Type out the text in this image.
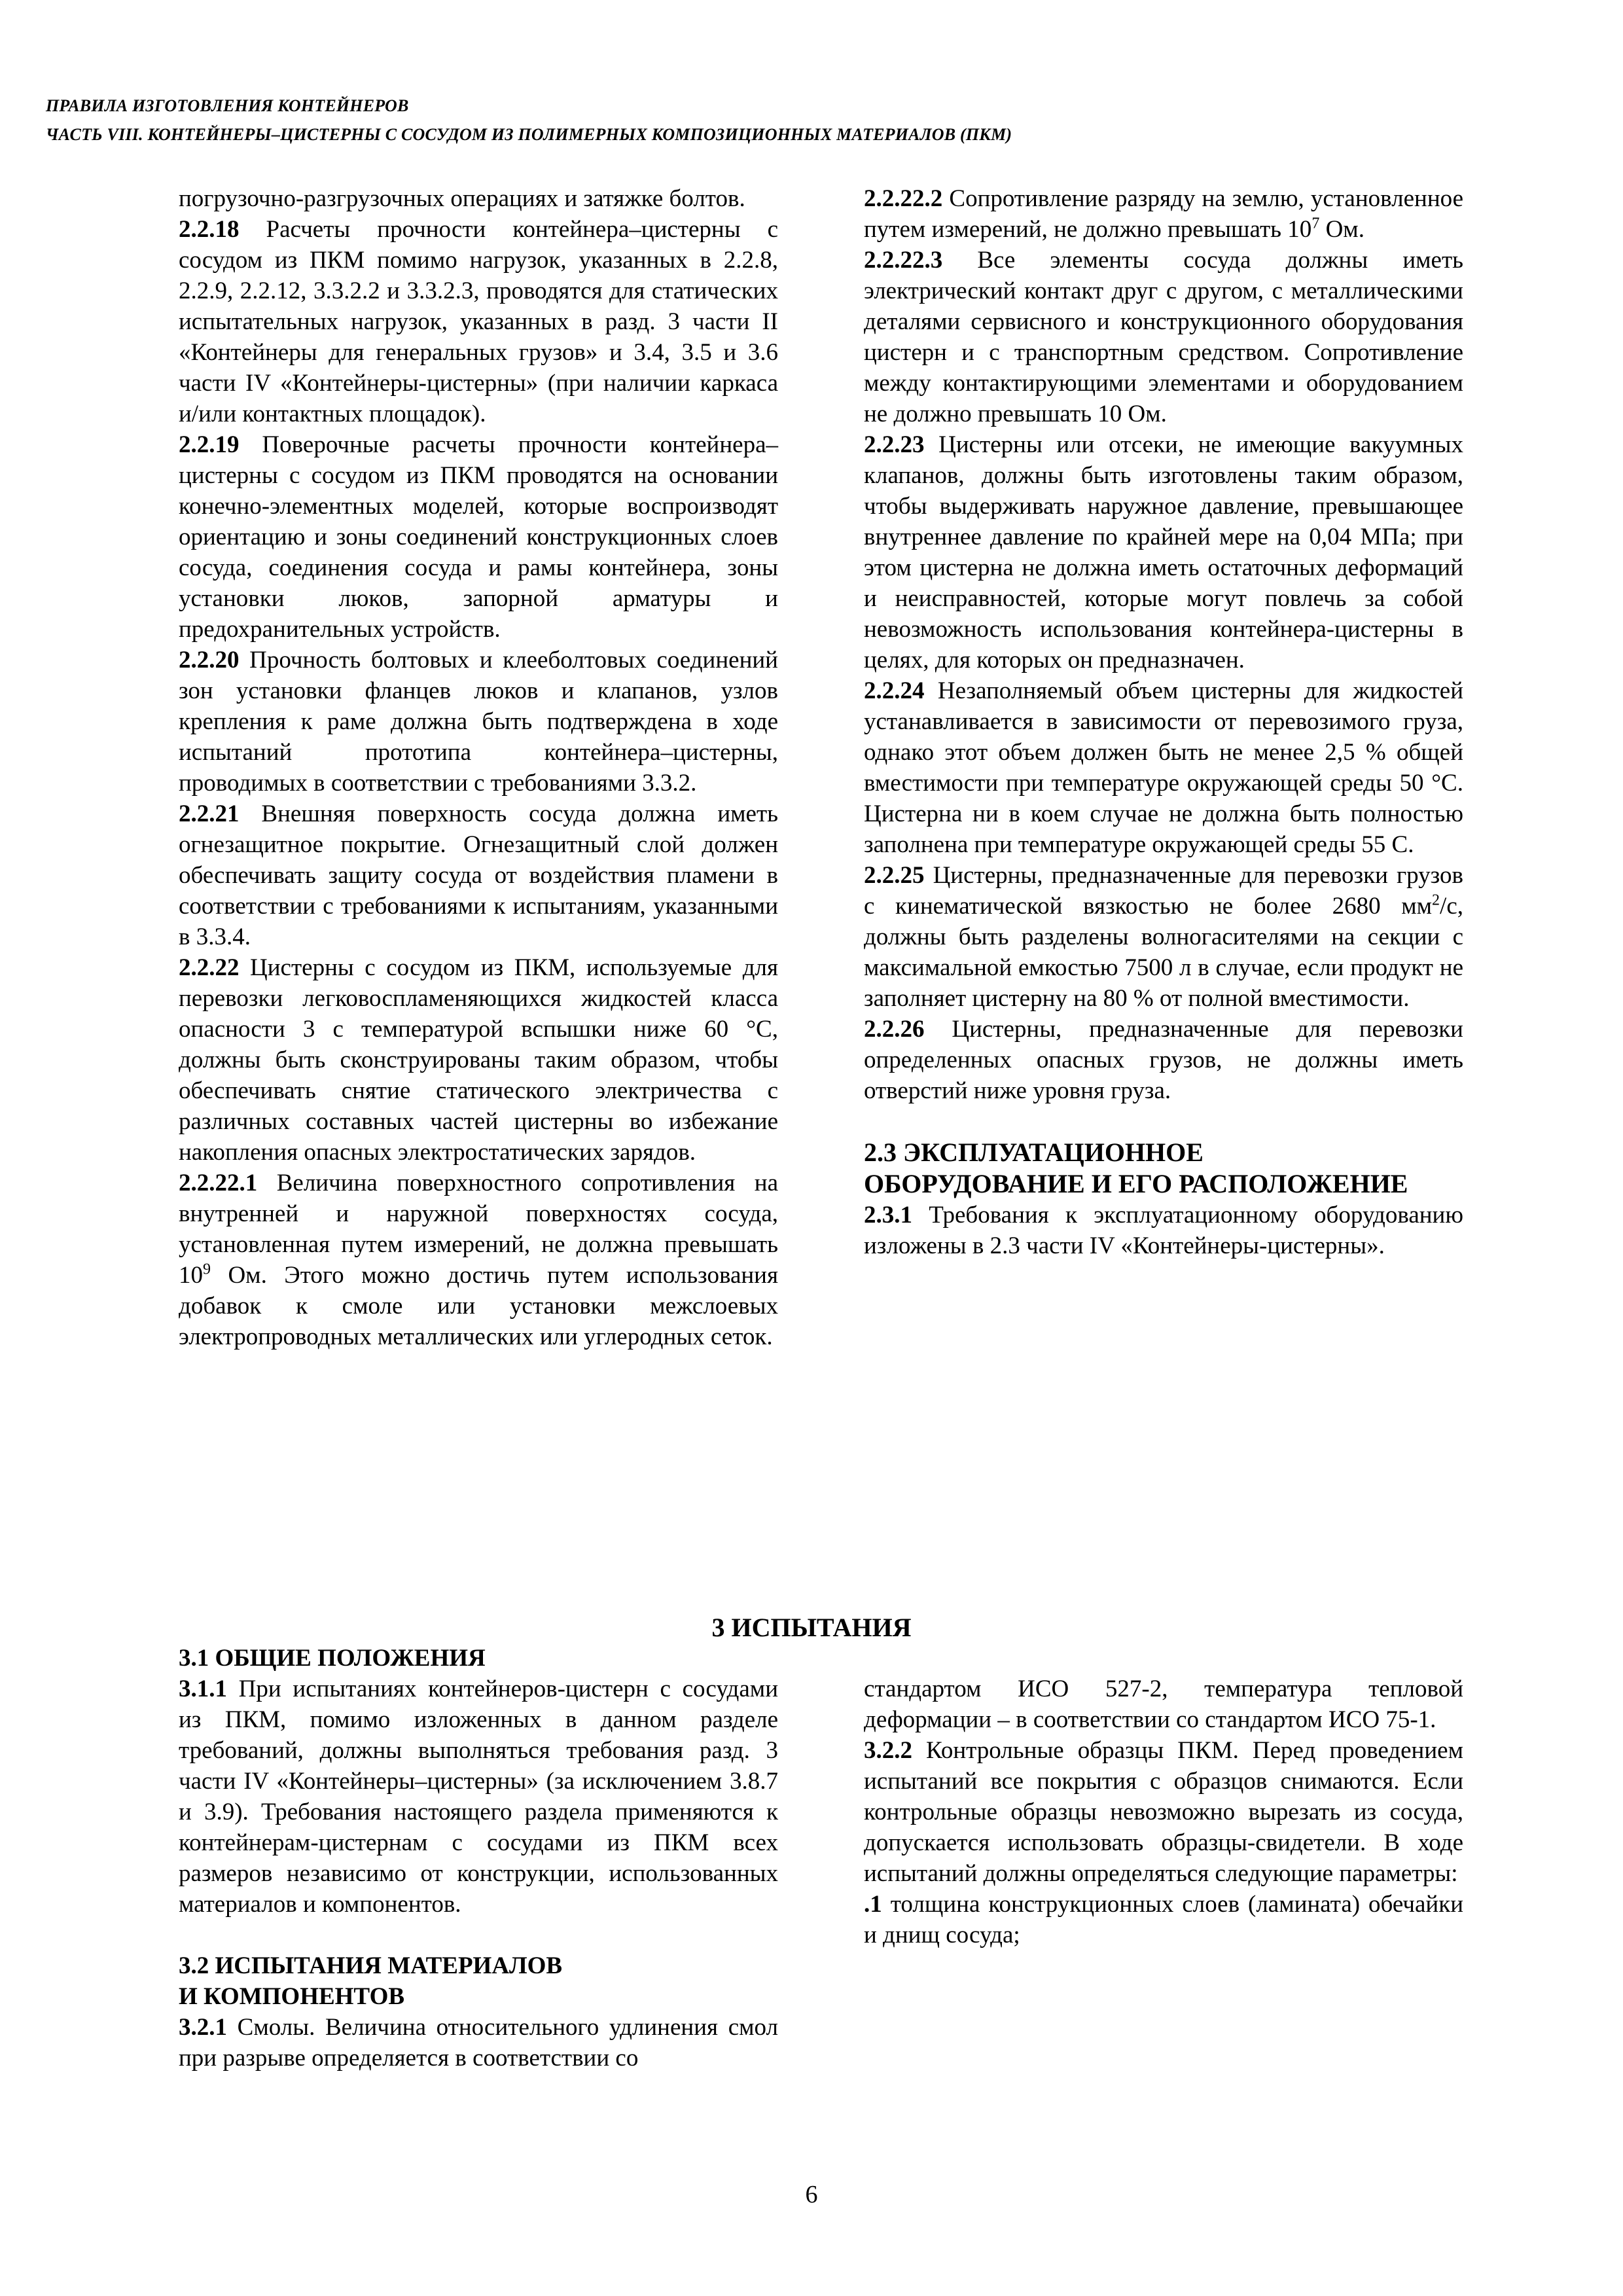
ПРАВИЛА ИЗГОТОВЛЕНИЯ КОНТЕЙНЕРОВ
ЧАСТЬ VIII. КОНТЕЙНЕРЫ–ЦИСТЕРНЫ С СОСУДОМ ИЗ ПОЛИМЕРНЫХ КОМПОЗИЦИОННЫХ МАТЕРИАЛОВ (ПКМ)

погрузочно-разгрузочных операциях и затяжке болтов.

2.2.18 Расчеты прочности контейнера–цистерны с сосудом из ПКМ помимо нагрузок, указанных в 2.2.8, 2.2.9, 2.2.12, 3.3.2.2 и 3.3.2.3, проводятся для статических испытательных нагрузок, указанных в разд. 3 части II «Контейнеры для генеральных грузов» и 3.4, 3.5 и 3.6 части IV «Контейнеры-цистерны» (при наличии каркаса и/или контактных площадок).

2.2.19 Поверочные расчеты прочности контейнера–цистерны с сосудом из ПКМ проводятся на основании конечно-элементных моделей, которые воспроизводят ориентацию и зоны соединений конструкционных слоев сосуда, соединения сосуда и рамы контейнера, зоны установки люков, запорной арматуры и предохранительных устройств.

2.2.20 Прочность болтовых и клееболтовых соединений зон установки фланцев люков и клапанов, узлов крепления к раме должна быть подтверждена в ходе испытаний прототипа контейнера–цистерны, проводимых в соответствии с требованиями 3.3.2.

2.2.21 Внешняя поверхность сосуда должна иметь огнезащитное покрытие. Огнезащитный слой должен обеспечивать защиту сосуда от воздействия пламени в соответствии с требованиями к испытаниям, указанными в 3.3.4.

2.2.22 Цистерны с сосудом из ПКМ, используемые для перевозки легковоспламеняющихся жидкостей класса опасности 3 с температурой вспышки ниже 60 °С, должны быть сконструированы таким образом, чтобы обеспечивать снятие статического электричества с различных составных частей цистерны во избежание накопления опасных электростатических зарядов.

2.2.22.1 Величина поверхностного сопротивления на внутренней и наружной поверхностях сосуда, установленная путем измерений, не должна превышать $10^9$ Ом. Этого можно достичь путем использования добавок к смоле или установки межслоевых электропроводных металлических или углеродных сеток.

2.2.22.2 Сопротивление разряду на землю, установленное путем измерений, не должно превышать $10^7$ Ом.

2.2.22.3 Все элементы сосуда должны иметь электрический контакт друг с другом, с металлическими деталями сервисного и конструкционного оборудования цистерн и с транспортным средством. Сопротивление между контактирующими элементами и оборудованием не должно превышать 10 Ом.

2.2.23 Цистерны или отсеки, не имеющие вакуумных клапанов, должны быть изготовлены таким образом, чтобы выдерживать наружное давление, превышающее внутреннее давление по крайней мере на 0,04 МПа; при этом цистерна не должна иметь остаточных деформаций и неисправностей, которые могут повлечь за собой невозможность использования контейнера-цистерны в целях, для которых он предназначен.

2.2.24 Незаполняемый объем цистерны для жидкостей устанавливается в зависимости от перевозимого груза, однако этот объем должен быть не менее 2,5 % общей вместимости при температуре окружающей среды 50 °С. Цистерна ни в коем случае не должна быть полностью заполнена при температуре окружающей среды 55 С.

2.2.25 Цистерны, предназначенные для перевозки грузов с кинематической вязкостью не более 2680 $мм^2/с$, должны быть разделены волногасителями на секции с максимальной емкостью 7500 л в случае, если продукт не заполняет цистерну на 80 % от полной вместимости.

2.2.26 Цистерны, предназначенные для перевозки определенных опасных грузов, не должны иметь отверстий ниже уровня груза.

2.3 ЭКСПЛУАТАЦИОННОЕ
ОБОРУДОВАНИЕ И ЕГО РАСПОЛОЖЕНИЕ

2.3.1 Требования к эксплуатационному оборудованию изложены в 2.3 части IV «Контейнеры-цистерны».

3 ИСПЫТАНИЯ
3.1 ОБЩИЕ ПОЛОЖЕНИЯ

3.1.1 При испытаниях контейнеров-цистерн с сосудами из ПКМ, помимо изложенных в данном разделе требований, должны выполняться требования разд. 3 части IV «Контейнеры–цистерны» (за исключением 3.8.7 и 3.9). Требования настоящего раздела применяются к контейнерам-цистернам с сосудами из ПКМ всех размеров независимо от конструкции, использованных материалов и компонентов.

3.2 ИСПЫТАНИЯ МАТЕРИАЛОВ
И КОМПОНЕНТОВ

3.2.1 Смолы. Величина относительного удлинения смол при разрыве определяется в соответствии со

стандартом ИСО 527-2, температура тепловой деформации – в соответствии со стандартом ИСО 75-1.

3.2.2 Контрольные образцы ПКМ. Перед проведением испытаний все покрытия с образцов снимаются. Если контрольные образцы невозможно вырезать из сосуда, допускается использовать образцы-свидетели. В ходе испытаний должны определяться следующие параметры:

.1 толщина конструкционных слоев (ламината) обечайки и днищ сосуда;

6
